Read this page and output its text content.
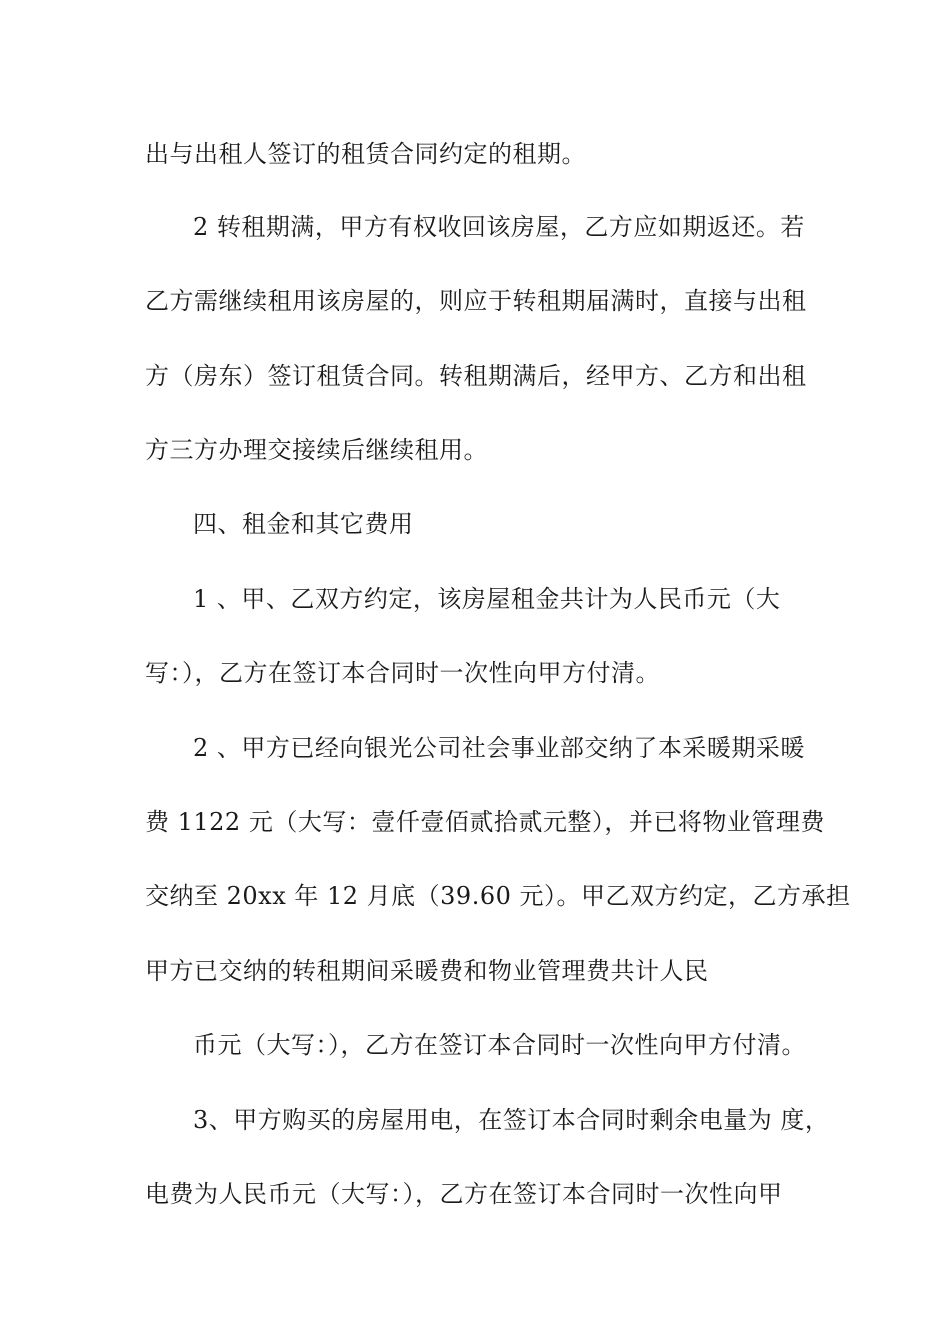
出与出租人签订的租赁合同约定的租期。
2 转租期满，甲方有权收回该房屋，乙方应如期返还。若
乙方需继续租用该房屋的，则应于转租期届满时，直接与出租
方（房东）签订租赁合同。转租期满后，经甲方、乙方和出租
方三方办理交接续后继续租用。
四、租金和其它费用
1 、甲、乙双方约定，该房屋租金共计为人民币元（大
写：），乙方在签订本合同时一次性向甲方付清。
2 、甲方已经向银光公司社会事业部交纳了本采暖期采暖
费 1122 元（大写：壹仟壹佰贰拾贰元整），并已将物业管理费
交纳至 20xx 年 12 月底（39.60 元）。甲乙双方约定，乙方承担
甲方已交纳的转租期间采暖费和物业管理费共计人民
币元（大写：），乙方在签订本合同时一次性向甲方付清。
3、甲方购买的房屋用电，在签订本合同时剩余电量为 度，
电费为人民币元（大写：），乙方在签订本合同时一次性向甲
